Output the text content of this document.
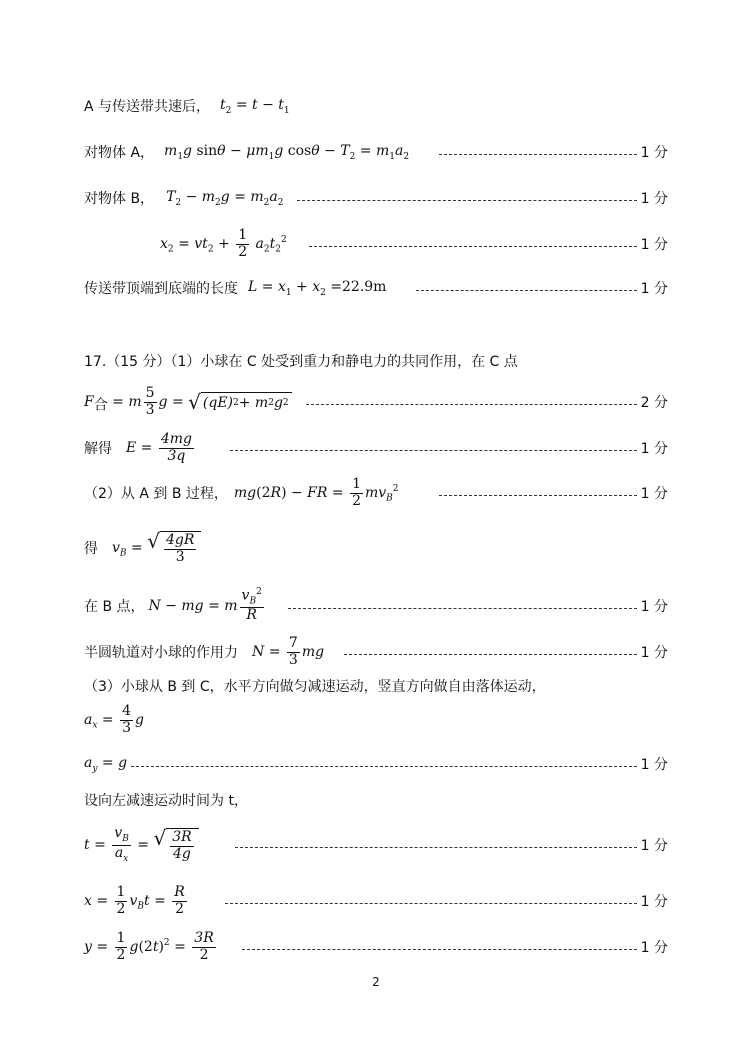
A 与传送带共速后， $t_2 = t - t_1$
对物体 A， $m_1g$ $\sin\theta - \mu m_1g$ $\cos\theta - T_2 = m_1a_2$	1 分
对物体 B， $T_2 - m_2g = m_2a_2$	1 分
$x_2 = vt_2 + \frac{1}{2} a_2t_2^2$	1 分
传送带顶端到底端的长度 $L = x_1 + x_2 =22.9m$	1 分
17.（15 分）（1）小球在 C 处受到重力和静电力的共同作用，在 C 点
$F_合 = m \frac{5}{3}$ g = √ (qE) 2 + m 2 g 2	2 分
解得 $E = \frac{4mg}{3q}$	1 分
（2）从 A 到 B 过程， mg(2R) − FR = $\frac{1}{2} mv_B^2$	1 分
得 $v_B$ = √ $\frac{4gR}{3}$
在 B 点， N − mg = m $\frac{v_B^2}{R}$	1 分
半圆轨道对小球的作用力 $N = \frac{7}{3}$ mg	1 分
（3）小球从 B 到 C，水平方向做匀减速运动，竖直方向做自由落体运动，
$a_x = \frac{4}{3}$ g
$a_y = g$	1 分
设向左减速运动时间为 t，
$t = \frac{v_B}{a_x}$ = √ $\frac{3R}{4g}$	1 分
$x = \frac{1}{2} v_Bt = \frac{R}{2}$	1 分
$y = \frac{1}{2} g(2t)^2 = \frac{3R}{2}$	1 分
2
